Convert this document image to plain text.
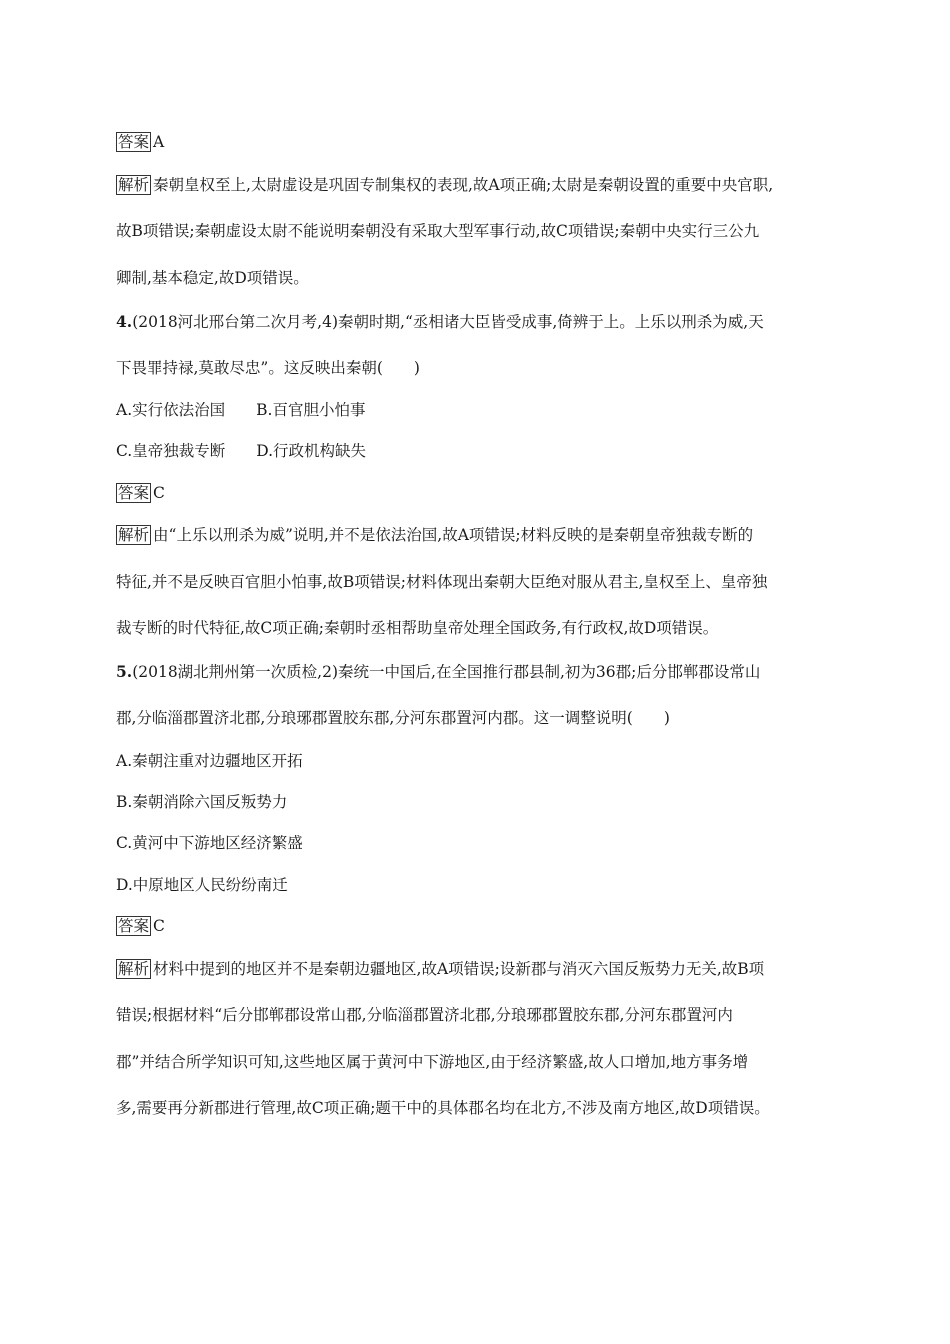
答案 A
解析 秦朝皇权至上,太尉虚设是巩固专制集权的表现,故A项正确;太尉是秦朝设置的重要中央官职,
故B项错误;秦朝虚设太尉不能说明秦朝没有采取大型军事行动,故C项错误;秦朝中央实行三公九
卿制,基本稳定,故D项错误。
4.(2018河北邢台第二次月考,4)秦朝时期,“丞相诸大臣皆受成事,倚辨于上。上乐以刑杀为威,天
下畏罪持禄,莫敢尽忠”。这反映出秦朝(　　)
A.实行依法治国　　B.百官胆小怕事
C.皇帝独裁专断　　D.行政机构缺失
答案 C
解析 由“上乐以刑杀为威”说明,并不是依法治国,故A项错误;材料反映的是秦朝皇帝独裁专断的
特征,并不是反映百官胆小怕事,故B项错误;材料体现出秦朝大臣绝对服从君主,皇权至上、皇帝独
裁专断的时代特征,故C项正确;秦朝时丞相帮助皇帝处理全国政务,有行政权,故D项错误。
5.(2018湖北荆州第一次质检,2)秦统一中国后,在全国推行郡县制,初为36郡;后分邯郸郡设常山
郡,分临淄郡置济北郡,分琅琊郡置胶东郡,分河东郡置河内郡。这一调整说明(　　)
A.秦朝注重对边疆地区开拓
B.秦朝消除六国反叛势力
C.黄河中下游地区经济繁盛
D.中原地区人民纷纷南迁
答案 C
解析 材料中提到的地区并不是秦朝边疆地区,故A项错误;设新郡与消灭六国反叛势力无关,故B项
错误;根据材料“后分邯郸郡设常山郡,分临淄郡置济北郡,分琅琊郡置胶东郡,分河东郡置河内
郡”并结合所学知识可知,这些地区属于黄河中下游地区,由于经济繁盛,故人口增加,地方事务增
多,需要再分新郡进行管理,故C项正确;题干中的具体郡名均在北方,不涉及南方地区,故D项错误。
